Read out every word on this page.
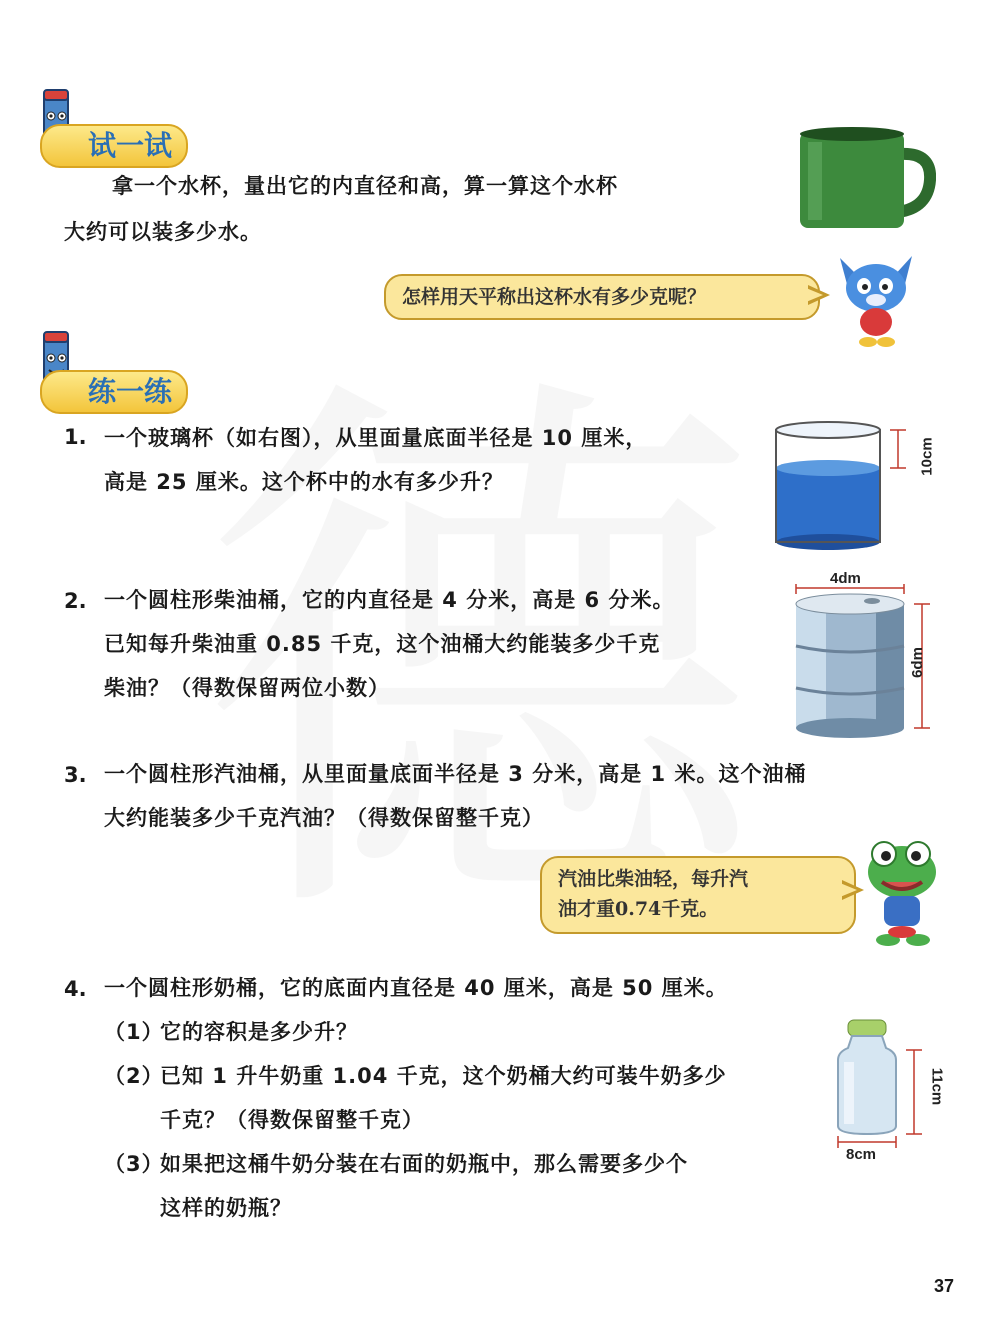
试一试
拿一个水杯，量出它的内直径和高，算一算这个水杯
大约可以装多少水。
怎样用天平称出这杯水有多少克呢？
练一练
1. 一个玻璃杯（如右图），从里面量底面半径是 10 厘米，
高是 25 厘米。这个杯中的水有多少升？
10cm
2. 一个圆柱形柴油桶，它的内直径是 4 分米，高是 6 分米。
已知每升柴油重 0.85 千克，这个油桶大约能装多少千克
柴油？（得数保留两位小数）
4dm
6dm
3. 一个圆柱形汽油桶，从里面量底面半径是 3 分米，高是 1 米。这个油桶
大约能装多少千克汽油？（得数保留整千克）
汽油比柴油轻，每升汽
油才重0.74千克。
4. 一个圆柱形奶桶，它的底面内直径是 40 厘米，高是 50 厘米。
（1）
它的容积是多少升？
（2）
已知 1 升牛奶重 1.04 千克，这个奶桶大约可装牛奶多少
千克？（得数保留整千克）
（3）
如果把这桶牛奶分装在右面的奶瓶中，那么需要多少个
这样的奶瓶？
11cm
8cm
37
